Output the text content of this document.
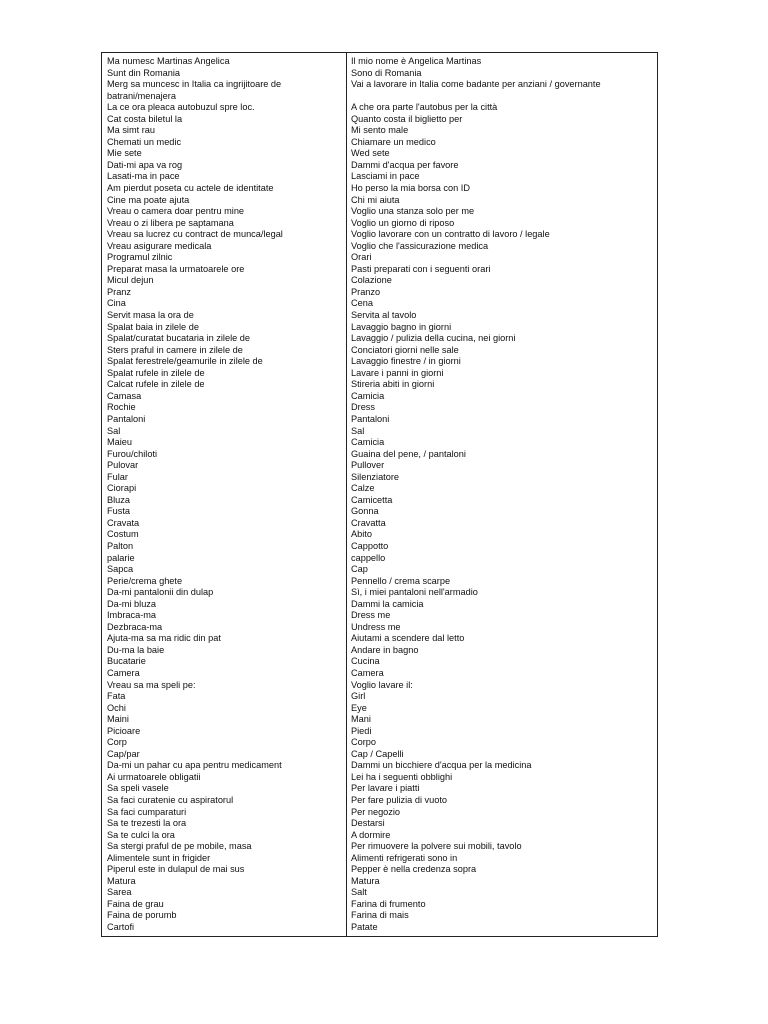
Ma numesc Martinas Angelica
Sunt din Romania
Merg sa muncesc in Italia ca ingrijitoare de batrani/menajera
La ce ora pleaca autobuzul spre loc.
Cat costa biletul la
Ma simt rau
Chemati un medic
Mie sete
Dati-mi apa va rog
Lasati-ma in pace
Am pierdut poseta cu actele de identitate
Cine ma poate ajuta
Vreau o camera doar pentru mine
Vreau o zi libera pe saptamana
Vreau sa lucrez cu contract de munca/legal
Vreau asigurare medicala
Programul zilnic
Preparat masa la urmatoarele ore
Micul dejun
Pranz
Cina
Servit masa la ora de
Spalat baia in zilele de
Spalat/curatat bucataria in zilele de
Sters praful in camere in zilele de
Spalat ferestrele/geamurile in zilele de
Spalat rufele in zilele de
Calcat rufele in zilele de
Camasa
Rochie
Pantaloni
Sal
Maieu
Furou/chiloti
Pulovar
Fular
Ciorapi
Bluza
Fusta
Cravata
Costum
Palton
palarie
Sapca
Perie/crema ghete
Da-mi pantalonii din dulap
Da-mi bluza
Imbraca-ma
Dezbraca-ma
Ajuta-ma sa ma ridic din pat
Du-ma la baie
Bucatarie
Camera
Vreau sa ma speli pe:
Fata
Ochi
Maini
Picioare
Corp
Cap/par
Da-mi un pahar cu apa pentru medicament
Ai urmatoarele obligatii
Sa speli vasele
Sa faci curatenie cu aspiratorul
Sa faci cumparaturi
Sa te trezesti la ora
Sa te culci la ora
Sa stergi praful de pe mobile, masa
Alimentele sunt in frigider
Piperul este in dulapul de mai sus
Matura
Sarea
Faina de grau
Faina de porumb
Cartofi
Il mio nome è Angelica Martinas
Sono di Romania
Vai a lavorare in Italia come badante per anziani / governante
A che ora parte l'autobus per la città
Quanto costa il biglietto per
Mi sento male
Chiamare un medico
Wed sete
Dammi d'acqua per favore
Lasciami in pace
Ho perso la mia borsa con ID
Chi mi aiuta
Voglio una stanza solo per me
Voglio un giorno di riposo
Voglio lavorare con un contratto di lavoro / legale
Voglio che l'assicurazione medica
Orari
Pasti preparati con i seguenti orari
Colazione
Pranzo
Cena
Servita al tavolo
Lavaggio bagno in giorni
Lavaggio / pulizia della cucina, nei giorni
Conciatori giorni nelle sale
Lavaggio finestre / in giorni
Lavare i panni in giorni
Stireria abiti in giorni
Camicia
Dress
Pantaloni
Sal
Camicia
Guaina del pene, / pantaloni
Pullover
Silenziatore
Calze
Camicetta
Gonna
Cravatta
Abito
Cappotto
cappello
Cap
Pennello / crema scarpe
Sì, i miei pantaloni nell'armadio
Dammi la camicia
Dress me
Undress me
Aiutami a scendere dal letto
Andare in bagno
Cucina
Camera
Voglio lavare il:
Girl
Eye
Mani
Piedi
Corpo
Cap / Capelli
Dammi un bicchiere d'acqua per la medicina
Lei ha i seguenti obblighi
Per lavare i piatti
Per fare pulizia di vuoto
Per negozio
Destarsi
A dormire
Per rimuovere la polvere sui mobili, tavolo
Alimenti refrigerati sono in
Pepper è nella credenza sopra
Matura
Salt
Farina di frumento
Farina di mais
Patate
